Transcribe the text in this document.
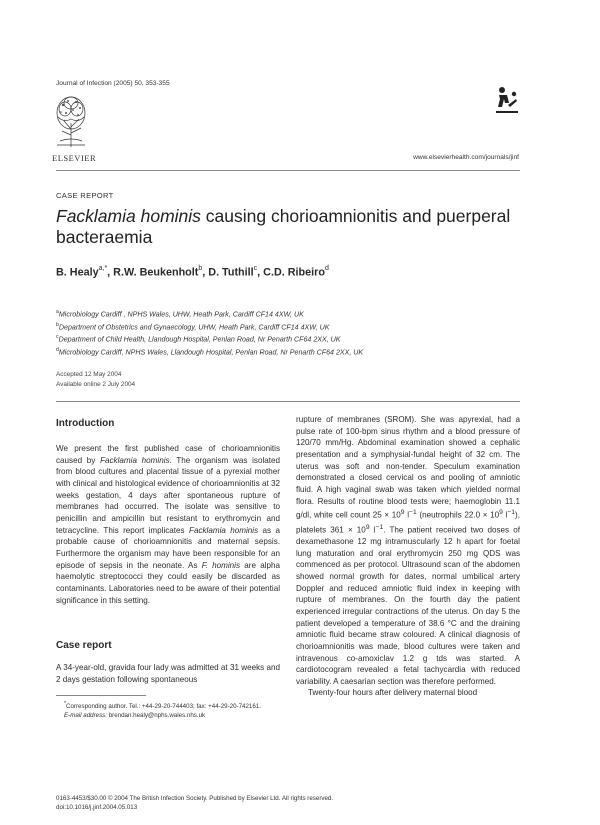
Journal of Infection (2005) 50, 353-355
ELSEVIER	www.elsevierhealth.com/journals/jinf
CASE REPORT
Facklamia hominis causing chorioamnionitis and puerperal bacteraemia
B. Healy$^{a,*}$, R.W. Beukenholt$^b$, D. Tuthill$^c$, C.D. Ribeiro$^d$
$^a$Microbiology Cardiff , NPHS Wales, UHW, Heath Park, Cardiff CF14 4XW, UK
$^b$Department of Obstetrics and Gynaecology, UHW, Heath Park, Cardiff CF14 4XW, UK
$^c$Department of Child Health, Llandough Hospital, Penlan Road, Nr Penarth CF64 2XX, UK
$^d$Microbiology Cardiff, NPHS Wales, Llandough Hospital, Penlan Road, Nr Penarth CF64 2XX, UK
Accepted 12 May 2004
Available online 2 July 2004
Introduction

We present the first published case of chorioamnionitis caused by Facklamia hominis. The organism was isolated from blood cultures and placental tissue of a pyrexial mother with clinical and histological evidence of chorioamnionitis at 32 weeks gestation, 4 days after spontaneous rupture of membranes had occurred. The isolate was sensitive to penicillin and ampicillin but resistant to erythromycin and tetracycline. This report implicates Facklamia hominis as a probable cause of chorioamnionitis and maternal sepsis. Furthermore the organism may have been responsible for an episode of sepsis in the neonate. As F. hominis are alpha haemolytic streptococci they could easily be discarded as contaminants. Laboratories need to be aware of their potential significance in this setting.

Case report

A 34-year-old, gravida four lady was admitted at 31 weeks and 2 days gestation following spontaneous

*Corresponding author. Tel.: +44-29-20-744403; fax: +44-29-20-742161.
E-mail address: brendan.healy@nphs.wales.nhs.uk

rupture of membranes (SROM). She was apyrexial, had a pulse rate of 100-bpm sinus rhythm and a blood pressure of 120/70 mm/Hg. Abdominal examination showed a cephalic presentation and a symphysial-fundal height of 32 cm. The uterus was soft and non-tender. Speculum examination demonstrated a closed cervical os and pooling of amniotic fluid. A high vaginal swab was taken which yielded normal flora. Results of routine blood tests were; haemoglobin 11.1 g/dl, white cell count $25 \times 10^9$ $l^{-1}$ (neutrophils $22.0 \times 10^9$ $l^{-1}$), platelets $361 \times 10^9$ $l^{-1}$. The patient received two doses of dexamethasone 12 mg intramuscularly 12 h apart for foetal lung maturation and oral erythromycin 250 mg QDS was commenced as per protocol. Ultrasound scan of the abdomen showed normal growth for dates, normal umbilical artery Doppler and reduced amniotic fluid index in keeping with rupture of membranes. On the fourth day the patient experienced irregular contractions of the uterus. On day 5 the patient developed a temperature of 38.6 °C and the draining amniotic fluid became straw coloured. A clinical diagnosis of chorioamnionitis was made, blood cultures were taken and intravenous co-amoxiclav 1.2 g tds was started. A cardiotocogram revealed a fetal tachycardia with reduced variability. A caesarian section was therefore performed.

Twenty-four hours after delivery maternal blood

0163-4453/$30.00 © 2004 The British Infection Society. Published by Elsevier Ltd. All rights reserved.
doi:10.1016/j.jinf.2004.05.013
